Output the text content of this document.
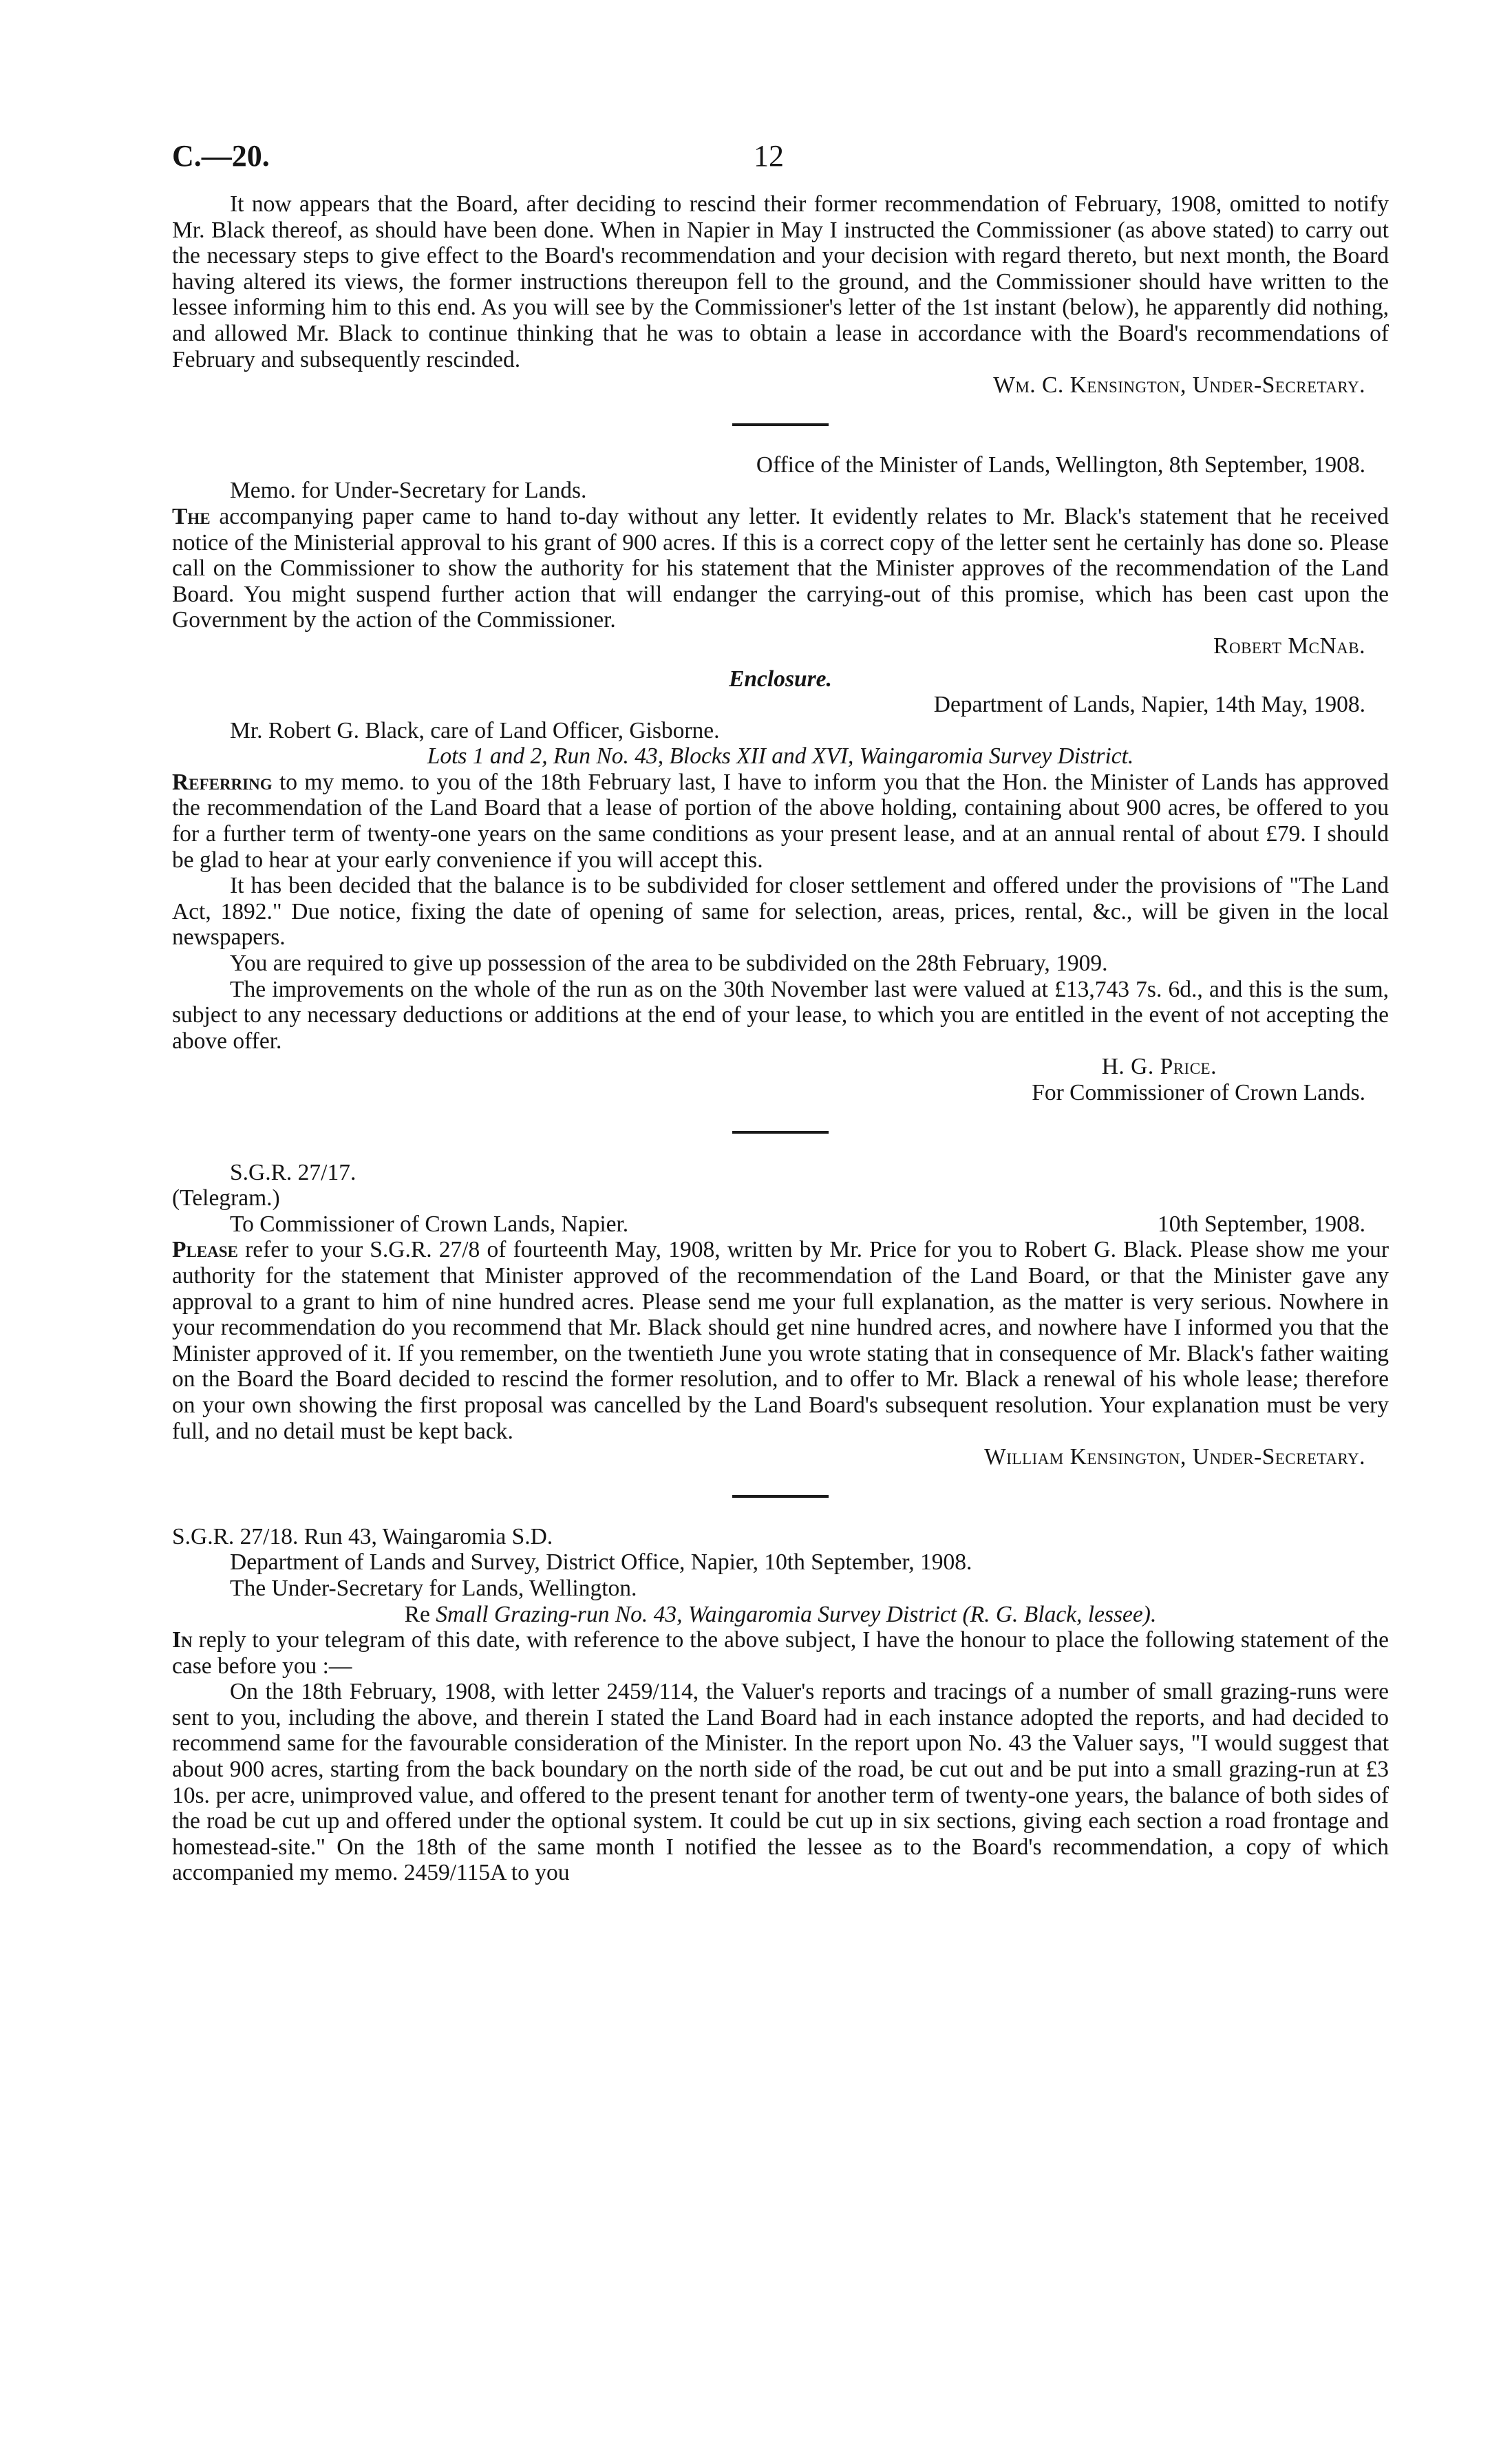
C.—20.	12

It now appears that the Board, after deciding to rescind their former recommendation of February, 1908, omitted to notify Mr. Black thereof, as should have been done. When in Napier in May I instructed the Commissioner (as above stated) to carry out the necessary steps to give effect to the Board's recommendation and your decision with regard thereto, but next month, the Board having altered its views, the former instructions thereupon fell to the ground, and the Commissioner should have written to the lessee informing him to this end. As you will see by the Commissioner's letter of the 1st instant (below), he apparently did nothing, and allowed Mr. Black to continue thinking that he was to obtain a lease in accordance with the Board's recommendations of February and subsequently rescinded.

Wm. C. Kensington, Under-Secretary.

Office of the Minister of Lands, Wellington, 8th September, 1908.

Memo. for Under-Secretary for Lands.

The accompanying paper came to hand to-day without any letter. It evidently relates to Mr. Black's statement that he received notice of the Ministerial approval to his grant of 900 acres. If this is a correct copy of the letter sent he certainly has done so. Please call on the Commissioner to show the authority for his statement that the Minister approves of the recommendation of the Land Board. You might suspend further action that will endanger the carrying-out of this promise, which has been cast upon the Government by the action of the Commissioner.

Robert McNab.

Enclosure.

Department of Lands, Napier, 14th May, 1908.

Mr. Robert G. Black, care of Land Officer, Gisborne.

Lots 1 and 2, Run No. 43, Blocks XII and XVI, Waingaromia Survey District.

Referring to my memo. to you of the 18th February last, I have to inform you that the Hon. the Minister of Lands has approved the recommendation of the Land Board that a lease of portion of the above holding, containing about 900 acres, be offered to you for a further term of twenty-one years on the same conditions as your present lease, and at an annual rental of about £79. I should be glad to hear at your early convenience if you will accept this.

It has been decided that the balance is to be subdivided for closer settlement and offered under the provisions of "The Land Act, 1892." Due notice, fixing the date of opening of same for selection, areas, prices, rental, &c., will be given in the local newspapers.

You are required to give up possession of the area to be subdivided on the 28th February, 1909.

The improvements on the whole of the run as on the 30th November last were valued at £13,743 7s. 6d., and this is the sum, subject to any necessary deductions or additions at the end of your lease, to which you are entitled in the event of not accepting the above offer.

H. G. Price.

For Commissioner of Crown Lands.

S.G.R. 27/17.

(Telegram.)

To Commissioner of Crown Lands, Napier.	10th September, 1908.

Please refer to your S.G.R. 27/8 of fourteenth May, 1908, written by Mr. Price for you to Robert G. Black. Please show me your authority for the statement that Minister approved of the recommendation of the Land Board, or that the Minister gave any approval to a grant to him of nine hundred acres. Please send me your full explanation, as the matter is very serious. Nowhere in your recommendation do you recommend that Mr. Black should get nine hundred acres, and nowhere have I informed you that the Minister approved of it. If you remember, on the twentieth June you wrote stating that in consequence of Mr. Black's father waiting on the Board the Board decided to rescind the former resolution, and to offer to Mr. Black a renewal of his whole lease; therefore on your own showing the first proposal was cancelled by the Land Board's subsequent resolution. Your explanation must be very full, and no detail must be kept back.

William Kensington, Under-Secretary.

S.G.R. 27/18. Run 43, Waingaromia S.D.

Department of Lands and Survey, District Office, Napier, 10th September, 1908.

The Under-Secretary for Lands, Wellington.

Re Small Grazing-run No. 43, Waingaromia Survey District (R. G. Black, lessee).

In reply to your telegram of this date, with reference to the above subject, I have the honour to place the following statement of the case before you :—

On the 18th February, 1908, with letter 2459/114, the Valuer's reports and tracings of a number of small grazing-runs were sent to you, including the above, and therein I stated the Land Board had in each instance adopted the reports, and had decided to recommend same for the favourable consideration of the Minister. In the report upon No. 43 the Valuer says, "I would suggest that about 900 acres, starting from the back boundary on the north side of the road, be cut out and be put into a small grazing-run at £3 10s. per acre, unimproved value, and offered to the present tenant for another term of twenty-one years, the balance of both sides of the road be cut up and offered under the optional system. It could be cut up in six sections, giving each section a road frontage and homestead-site." On the 18th of the same month I notified the lessee as to the Board's recommendation, a copy of which accompanied my memo. 2459/115A to you
